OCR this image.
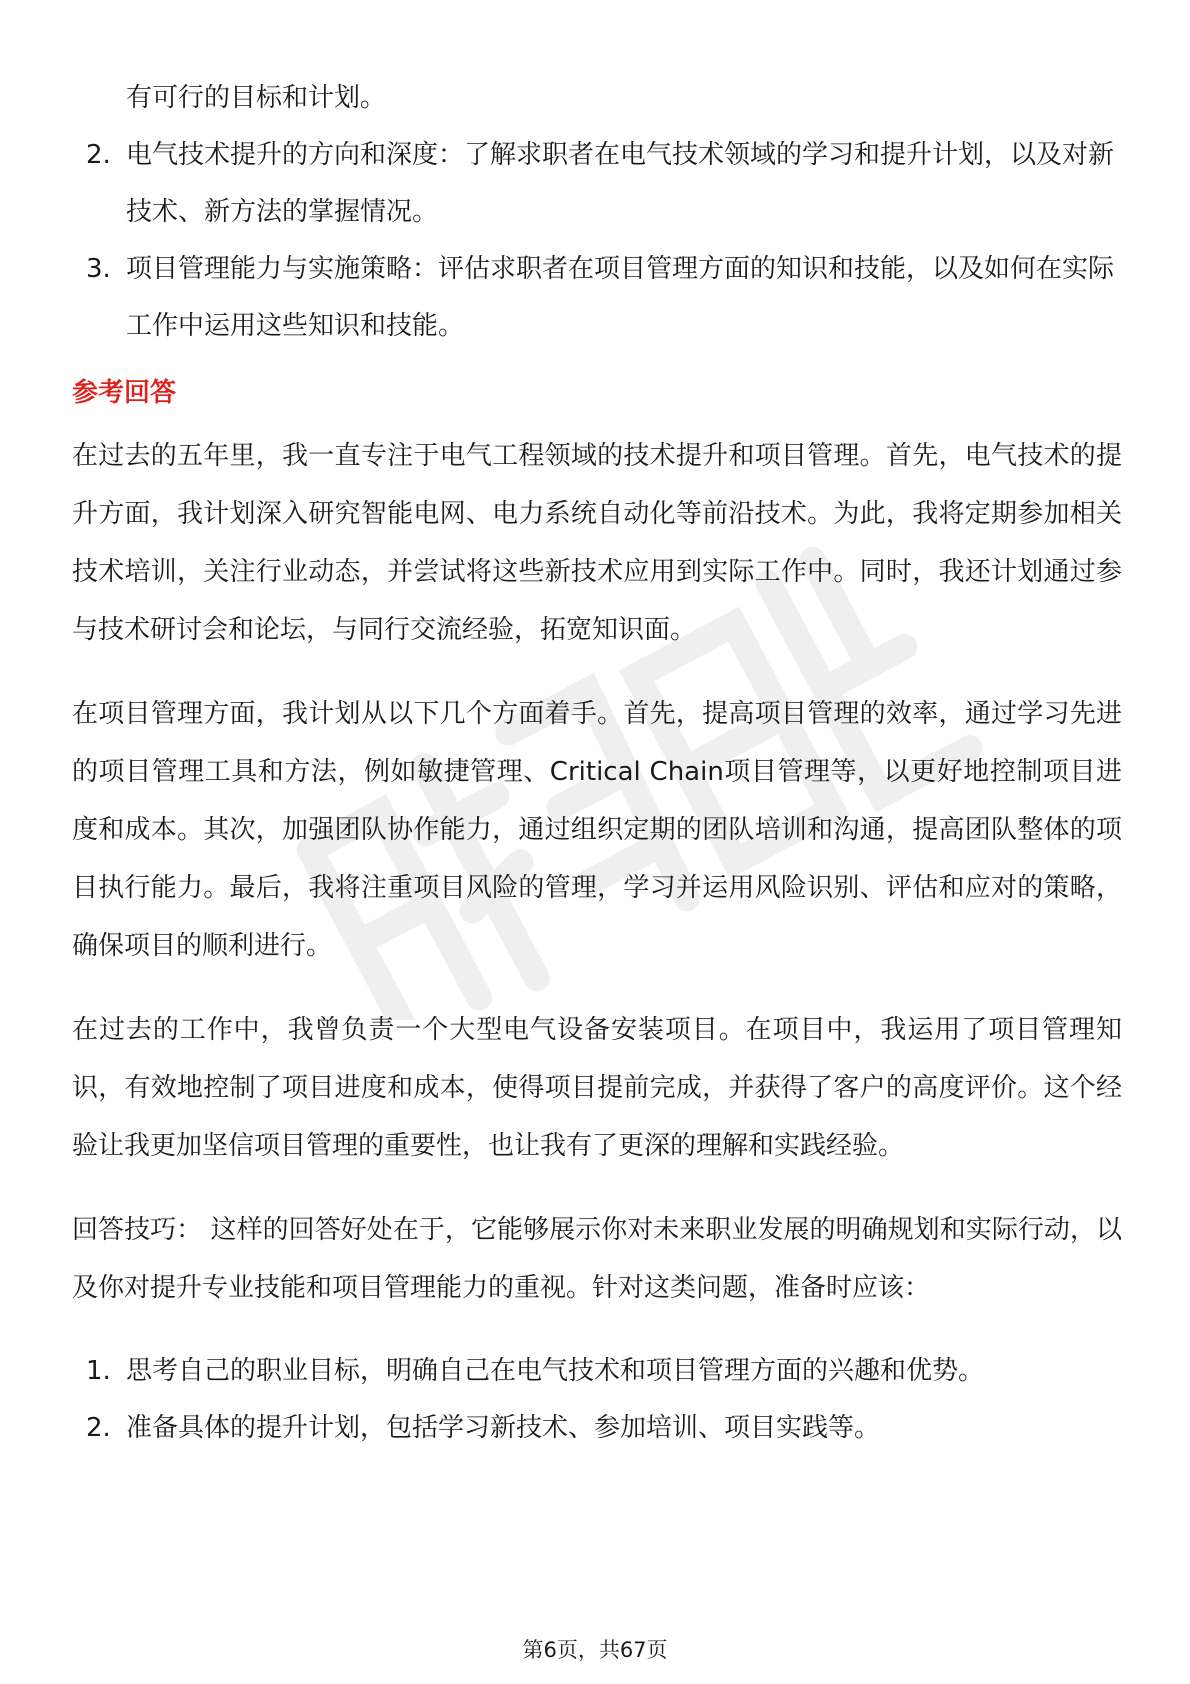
有可行的目标和计划。
2. 电气技术提升的方向和深度：了解求职者在电气技术领域的学习和提升计划，以及对新技术、新方法的掌握情况。
3. 项目管理能力与实施策略：评估求职者在项目管理方面的知识和技能，以及如何在实际工作中运用这些知识和技能。
参考回答

在过去的五年里，我一直专注于电气工程领域的技术提升和项目管理。首先，电气技术的提升方面，我计划深入研究智能电网、电力系统自动化等前沿技术。为此，我将定期参加相关技术培训，关注行业动态，并尝试将这些新技术应用到实际工作中。同时，我还计划通过参与技术研讨会和论坛，与同行交流经验，拓宽知识面。

在项目管理方面，我计划从以下几个方面着手。首先，提高项目管理的效率，通过学习先进的项目管理工具和方法，例如敏捷管理、Critical Chain项目管理等，以更好地控制项目进度和成本。其次，加强团队协作能力，通过组织定期的团队培训和沟通，提高团队整体的项目执行能力。最后，我将注重项目风险的管理，学习并运用风险识别、评估和应对的策略，确保项目的顺利进行。

在过去的工作中，我曾负责一个大型电气设备安装项目。在项目中，我运用了项目管理知识，有效地控制了项目进度和成本，使得项目提前完成，并获得了客户的高度评价。这个经验让我更加坚信项目管理的重要性，也让我有了更深的理解和实践经验。

回答技巧： 这样的回答好处在于，它能够展示你对未来职业发展的明确规划和实际行动，以及你对提升专业技能和项目管理能力的重视。针对这类问题，准备时应该：

1. 思考自己的职业目标，明确自己在电气技术和项目管理方面的兴趣和优势。
2. 准备具体的提升计划，包括学习新技术、参加培训、项目实践等。
第6页，共67页
